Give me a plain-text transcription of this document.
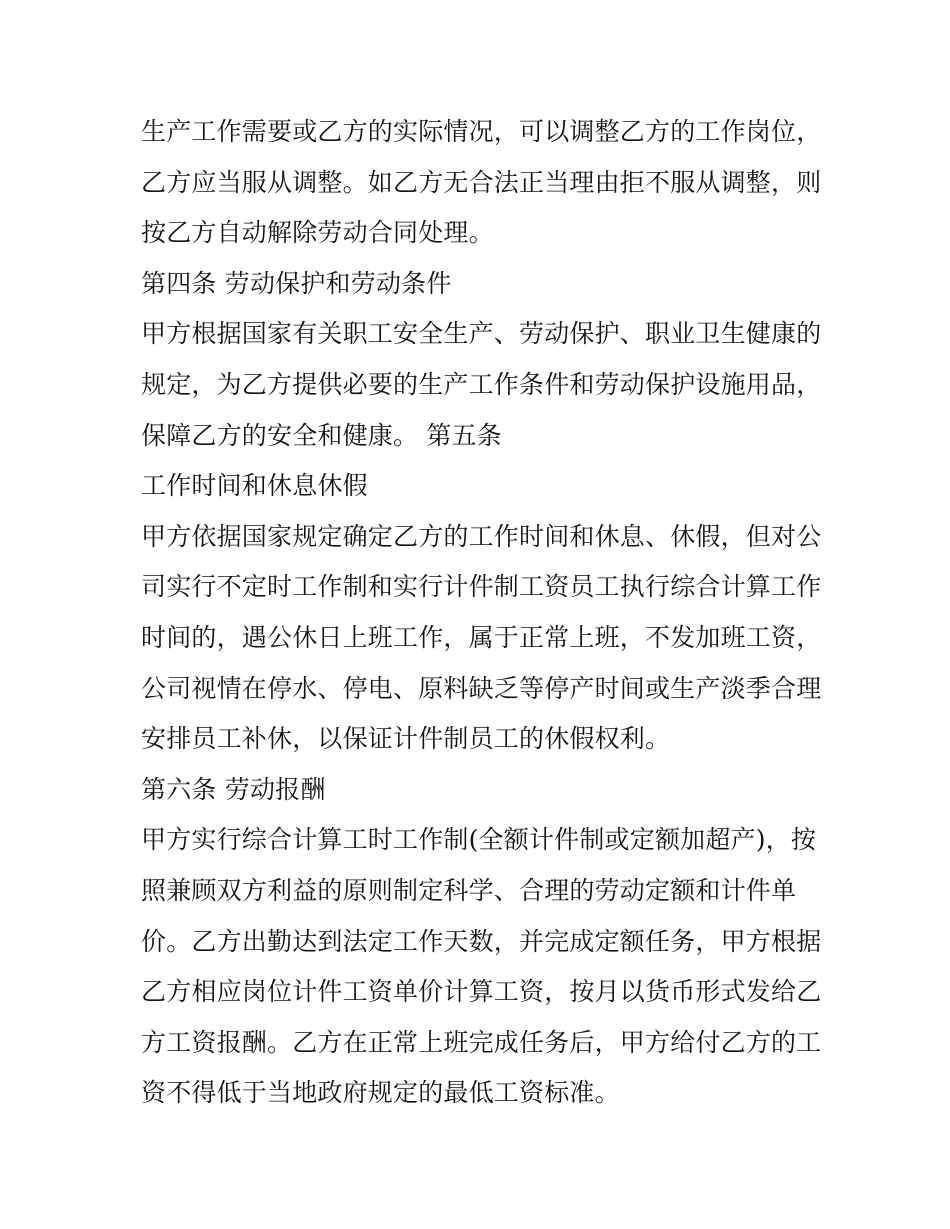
生产工作需要或乙方的实际情况，可以调整乙方的工作岗位，
乙方应当服从调整。如乙方无合法正当理由拒不服从调整，则
按乙方自动解除劳动合同处理。
第四条 劳动保护和劳动条件
甲方根据国家有关职工安全生产、劳动保护、职业卫生健康的
规定，为乙方提供必要的生产工作条件和劳动保护设施用品，
保障乙方的安全和健康。 第五条
工作时间和休息休假
甲方依据国家规定确定乙方的工作时间和休息、休假，但对公
司实行不定时工作制和实行计件制工资员工执行综合计算工作
时间的，遇公休日上班工作，属于正常上班，不发加班工资，
公司视情在停水、停电、原料缺乏等停产时间或生产淡季合理
安排员工补休，以保证计件制员工的休假权利。
第六条 劳动报酬
甲方实行综合计算工时工作制(全额计件制或定额加超产)，按
照兼顾双方利益的原则制定科学、合理的劳动定额和计件单
价。乙方出勤达到法定工作天数，并完成定额任务，甲方根据
乙方相应岗位计件工资单价计算工资，按月以货币形式发给乙
方工资报酬。乙方在正常上班完成任务后，甲方给付乙方的工
资不得低于当地政府规定的最低工资标准。
